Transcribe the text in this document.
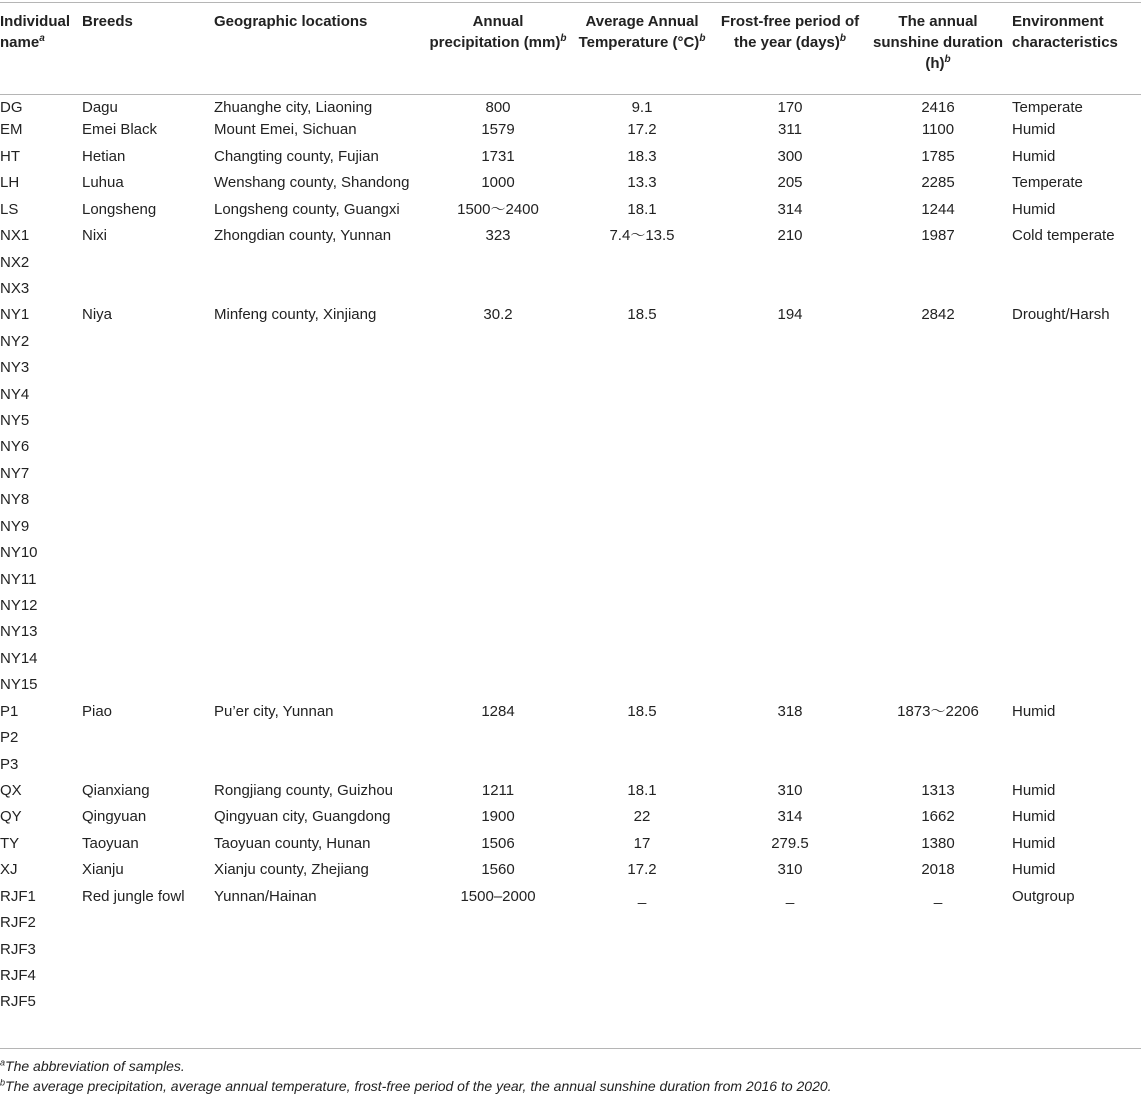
Individual name$^a$	Breeds	Geographic locations	Annual precipitation (mm)$^b$	Average Annual Temperature $(^\circ C)^b$	Frost-free period of the year (days)$^b$	The annual sunshine duration $(h)^b$	Environment characteristics
DG	Dagu	Zhuanghe city, Liaoning	800	9.1	170	2416	Temperate
EM	Emei Black	Mount Emei, Sichuan	1579	17.2	311	1100	Humid
HT	Hetian	Changting county, Fujian	1731	18.3	300	1785	Humid
LH	Luhua	Wenshang county, Shandong	1000	13.3	205	2285	Temperate
LS	Longsheng	Longsheng county, Guangxi	1500～2400	18.1	314	1244	Humid
NX1	Nixi	Zhongdian county, Yunnan	323	7.4～13.5	210	1987	Cold temperate
NX2							
NX3							
NY1	Niya	Minfeng county, Xinjiang	30.2	18.5	194	2842	Drought/Harsh
NY2							
NY3							
NY4							
NY5							
NY6							
NY7							
NY8							
NY9							
NY10							
NY11							
NY12							
NY13							
NY14							
NY15							
P1	Piao	Pu’er city, Yunnan	1284	18.5	318	1873～2206	Humid
P2							
P3							
QX	Qianxiang	Rongjiang county, Guizhou	1211	18.1	310	1313	Humid
QY	Qingyuan	Qingyuan city, Guangdong	1900	22	314	1662	Humid
TY	Taoyuan	Taoyuan county, Hunan	1506	17	279.5	1380	Humid
XJ	Xianju	Xianju county, Zhejiang	1560	17.2	310	2018	Humid
RJF1	Red jungle fowl	Yunnan/Hainan	1500–2000	_	_	_	Outgroup
RJF2							
RJF3							
RJF4							
RJF5							
$^a$The abbreviation of samples.
$^b$The average precipitation, average annual temperature, frost-free period of the year, the annual sunshine duration from 2016 to 2020.
